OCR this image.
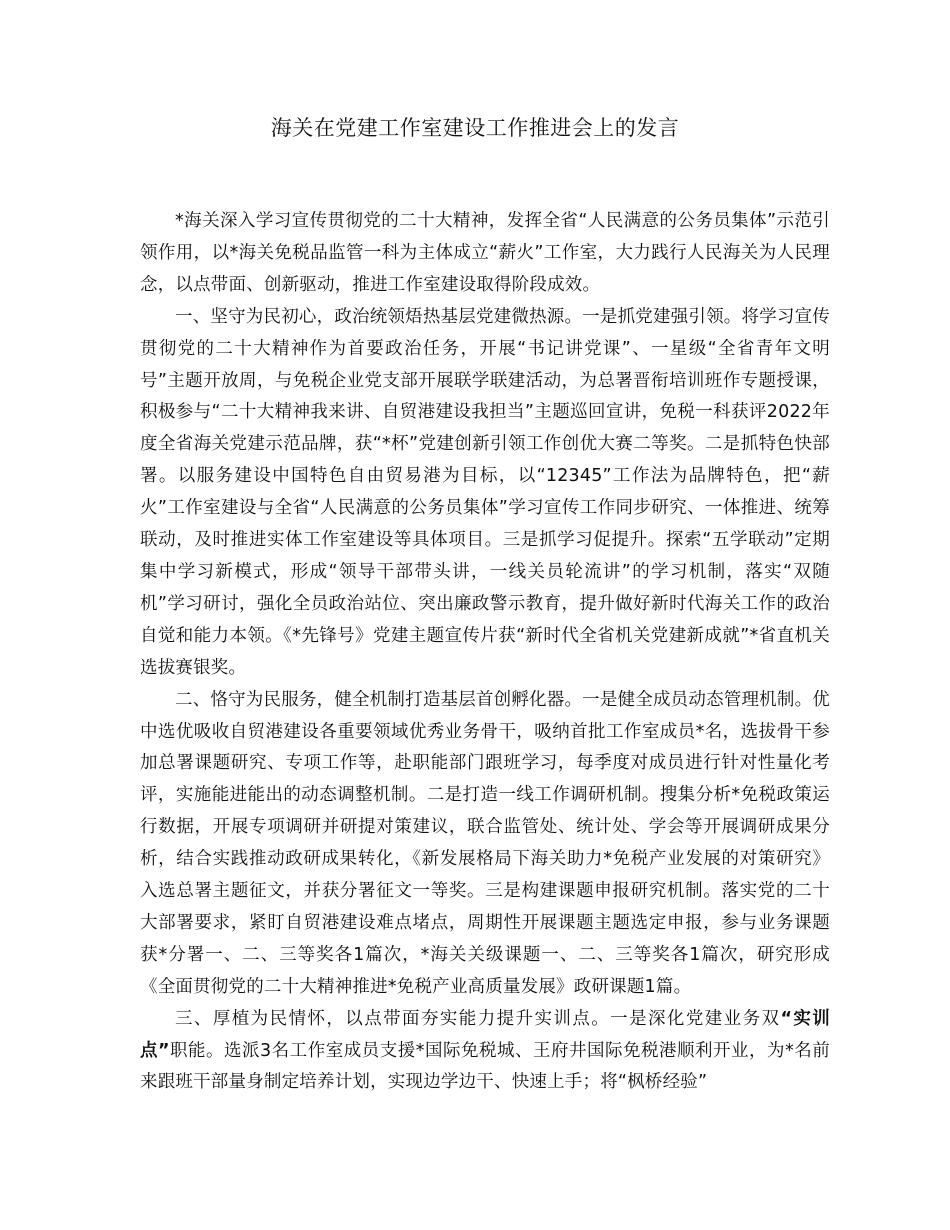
海关在党建工作室建设工作推进会上的发言

*海关深入学习宣传贯彻党的二十大精神，发挥全省“人民满意的公务员集体”示范引领作用，以*海关免税品监管一科为主体成立“薪火”工作室，大力践行人民海关为人民理念，以点带面、创新驱动，推进工作室建设取得阶段成效。

一、坚守为民初心，政治统领焐热基层党建微热源。一是抓党建强引领。将学习宣传贯彻党的二十大精神作为首要政治任务，开展“书记讲党课”、一星级“全省青年文明号”主题开放周，与免税企业党支部开展联学联建活动，为总署晋衔培训班作专题授课，积极参与“二十大精神我来讲、自贸港建设我担当”主题巡回宣讲，免税一科获评2022年度全省海关党建示范品牌，获“*杯”党建创新引领工作创优大赛二等奖。二是抓特色快部署。以服务建设中国特色自由贸易港为目标，以“12345”工作法为品牌特色，把“薪火”工作室建设与全省“人民满意的公务员集体”学习宣传工作同步研究、一体推进、统筹联动，及时推进实体工作室建设等具体项目。三是抓学习促提升。探索“五学联动”定期集中学习新模式，形成“领导干部带头讲，一线关员轮流讲”的学习机制，落实“双随机”学习研讨，强化全员政治站位、突出廉政警示教育，提升做好新时代海关工作的政治自觉和能力本领。《*先锋号》党建主题宣传片获“新时代全省机关党建新成就”*省直机关选拔赛银奖。

二、恪守为民服务，健全机制打造基层首创孵化器。一是健全成员动态管理机制。优中选优吸收自贸港建设各重要领域优秀业务骨干，吸纳首批工作室成员*名，选拔骨干参加总署课题研究、专项工作等，赴职能部门跟班学习，每季度对成员进行针对性量化考评，实施能进能出的动态调整机制。二是打造一线工作调研机制。搜集分析*免税政策运行数据，开展专项调研并研提对策建议，联合监管处、统计处、学会等开展调研成果分析，结合实践推动政研成果转化，《新发展格局下海关助力*免税产业发展的对策研究》入选总署主题征文，并获分署征文一等奖。三是构建课题申报研究机制。落实党的二十大部署要求，紧盯自贸港建设难点堵点，周期性开展课题主题选定申报，参与业务课题获*分署一、二、三等奖各1篇次，*海关关级课题一、二、三等奖各1篇次，研究形成《全面贯彻党的二十大精神推进*免税产业高质量发展》政研课题1篇。

三、厚植为民情怀，以点带面夯实能力提升实训点。一是深化党建业务双“实训点”职能。选派3名工作室成员支援*国际免税城、王府井国际免税港顺利开业，为*名前来跟班干部量身制定培养计划，实现边学边干、快速上手；将“枫桥经验”
